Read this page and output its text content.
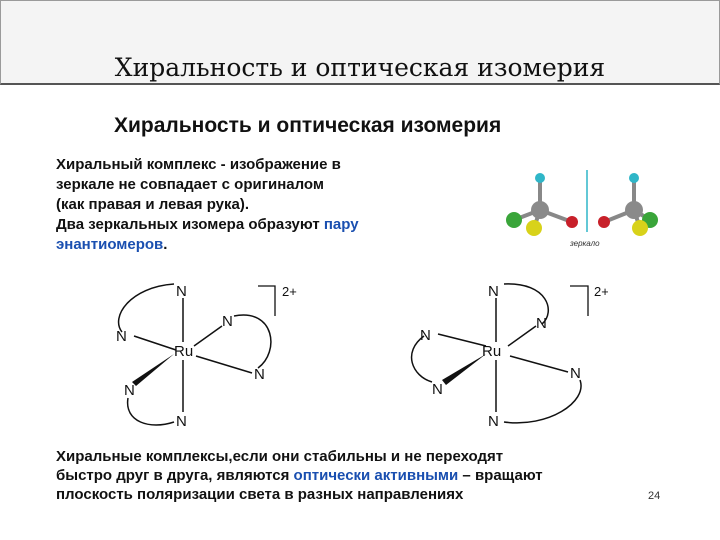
Хиральность и оптическая изомерия
Хиральность и оптическая изомерия
Хиральный комплекс - изображение в
зеркале не совпадает с оригиналом
(как правая и левая рука).
Два зеркальных изомера образуют пару
энантиомеров.	зеркало
Ru
N
N
N
N
N
N
2+
Ru
N
N
N
N
N
N
2+
Хиральные комплексы,если они стабильны и не переходят
быстро друг в друга, являются оптически активными – вращают
плоскость поляризации света в разных направлениях	24
